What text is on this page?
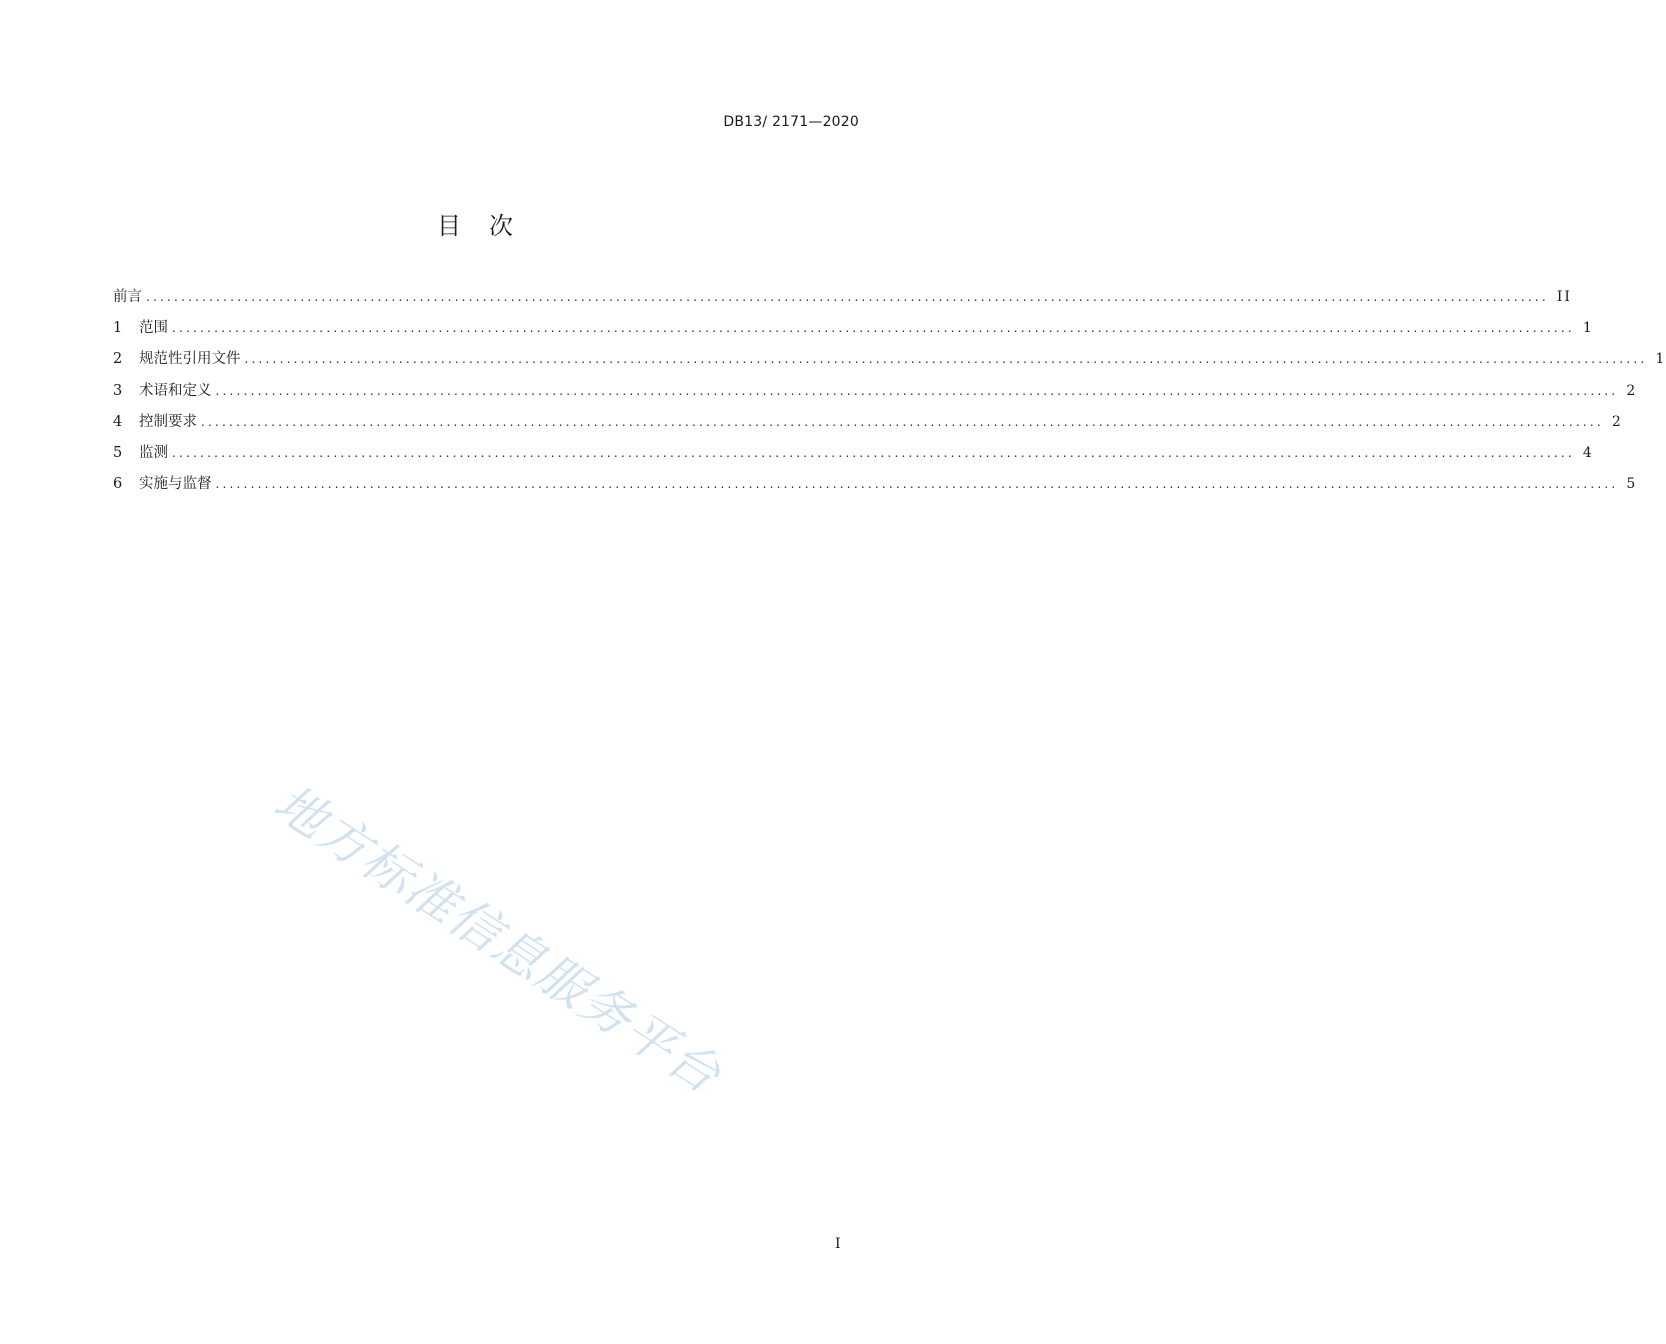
DB13/ 2171—2020
目次
前言 ........................................................................................................................................................................................................ II
1	范围 ........................................................................................................................................................................................................ 1
2	规范性引用文件 ........................................................................................................................................................................................................ 1
3	术语和定义 ........................................................................................................................................................................................................ 2
4	控制要求 ........................................................................................................................................................................................................ 2
5	监测 ........................................................................................................................................................................................................ 4
6	实施与监督 ........................................................................................................................................................................................................ 5
地方标准信息服务平台
I
